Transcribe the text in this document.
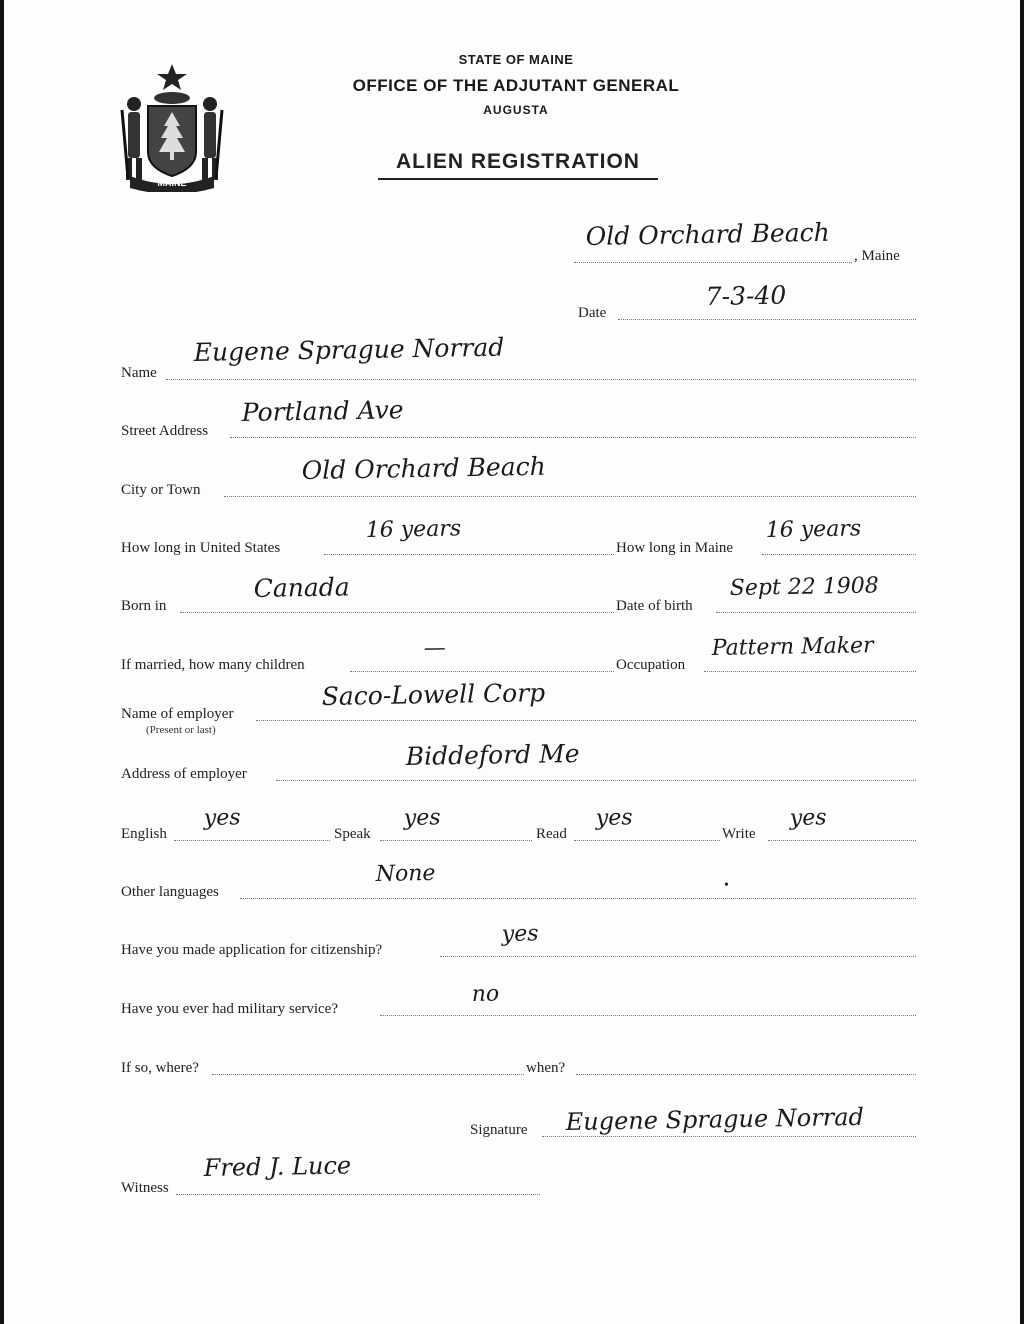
MAINE
STATE OF MAINE
OFFICE OF THE ADJUTANT GENERAL
AUGUSTA
ALIEN REGISTRATION
Old Orchard Beach
, Maine
Date
7-3-40
Name
Eugene Sprague Norrad
Street Address
Portland Ave
City or Town
Old Orchard Beach
How long in United States
16 years
How long in Maine
16 years
Born in
Canada
Date of birth
Sept 22 1908
If married, how many children
—
Occupation
Pattern Maker
Name of employer
(Present or last)
Saco-Lowell Corp
Address of employer
Biddeford Me
English
yes
Speak
yes
Read
yes
Write
yes
Other languages
None	•
Have you made application for citizenship?
yes
Have you ever had military service?
no
If so, where?	when?
Signature Eugene Sprague Norrad
Witness
Fred J. Luce
